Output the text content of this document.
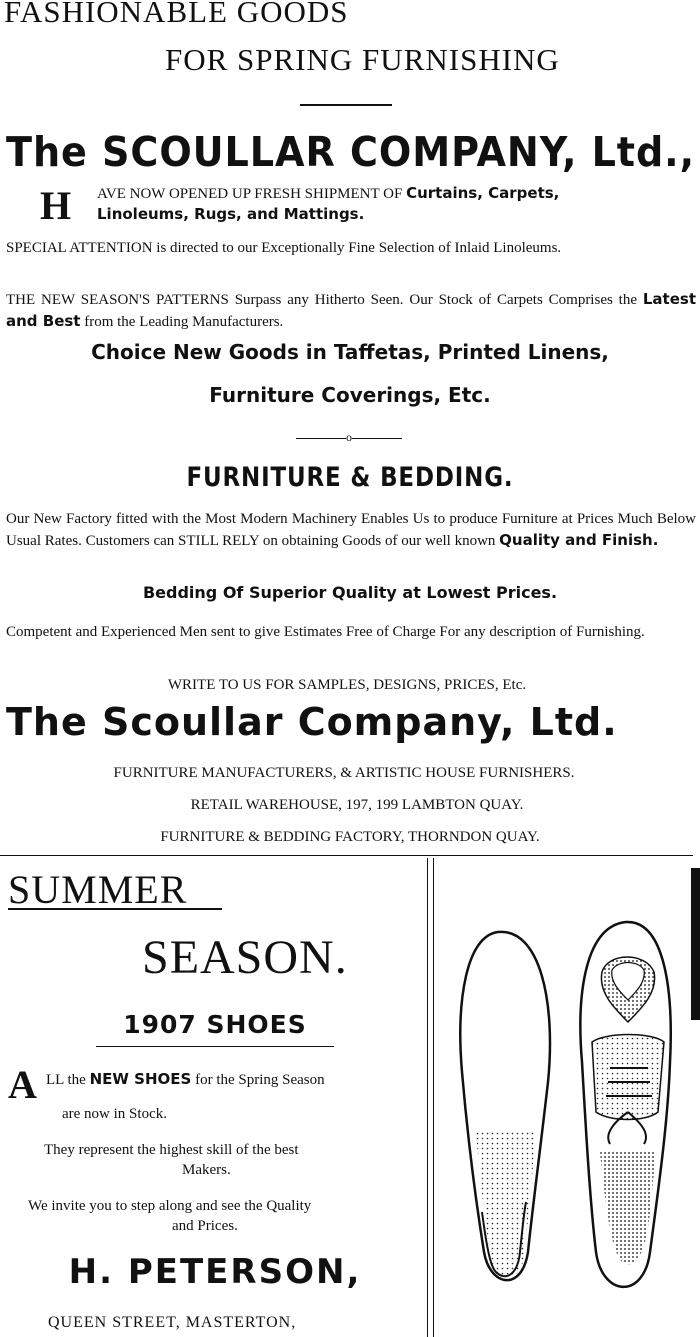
FASHIONABLE GOODS
FOR SPRING FURNISHING
The SCOULLAR COMPANY, Ltd.,
H AVE NOW OPENED UP FRESH SHIPMENT OF Curtains, Carpets,
Linoleums, Rugs, and Mattings.
SPECIAL ATTENTION is directed to our Exceptionally Fine Selection of Inlaid Linoleums.
THE NEW SEASON'S PATTERNS Surpass any Hitherto Seen. Our Stock of Carpets Comprises the Latest and Best from the Leading Manufacturers.
Choice New Goods in Taffetas, Printed Linens,
Furniture Coverings, Etc.
o
FURNITURE & BEDDING.
Our New Factory fitted with the Most Modern Machinery Enables Us to produce Furniture at Prices Much Below Usual Rates. Customers can STILL RELY on obtaining Goods of our well known Quality and Finish.
Bedding Of Superior Quality at Lowest Prices.
Competent and Experienced Men sent to give Estimates Free of Charge For any description of Furnishing.
WRITE TO US FOR SAMPLES, DESIGNS, PRICES, Etc.
The Scoullar Company, Ltd.
FURNITURE MANUFACTURERS, & ARTISTIC HOUSE FURNISHERS.
RETAIL WAREHOUSE, 197, 199 LAMBTON QUAY.
FURNITURE & BEDDING FACTORY, THORNDON QUAY.
SUMMER
SEASON.
1907 SHOES
A LL the NEW SHOES for the Spring Season
are now in Stock.
They represent the highest skill of the best
Makers.
We invite you to step along and see the Quality
and Prices.
H. PETERSON,
QUEEN STREET, MASTERTON,
